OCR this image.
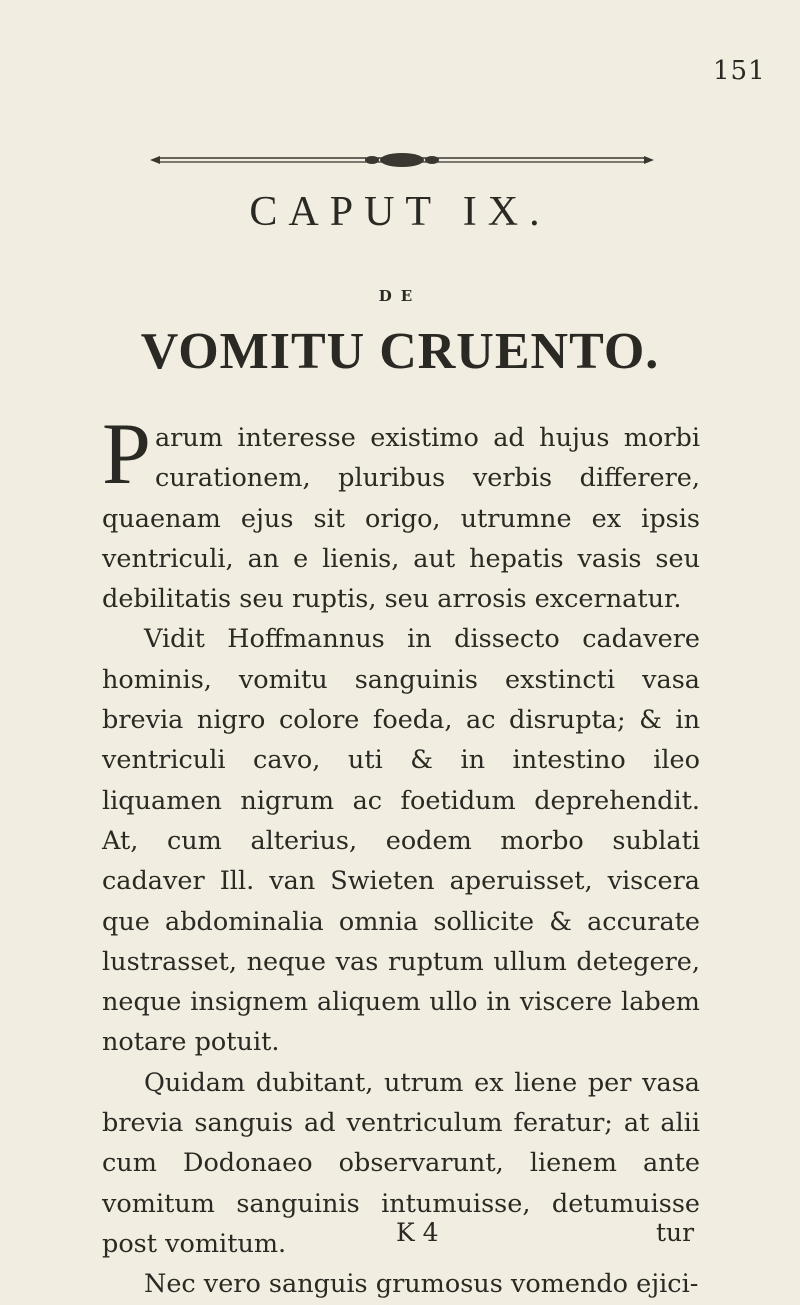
151
CAPUT IX.
DE
VOMITU CRUENTO.

Parum interesse existimo ad hujus morbi curationem, pluribus verbis differere, quaenam ejus sit origo, utrumne ex ipsis ventriculi, an e lienis, aut hepatis vasis seu debilitatis seu ruptis, seu arrosis excernatur.

Vidit Hoffmannus in dissecto cadavere hominis, vomitu sanguinis exstincti vasa brevia nigro colore foeda, ac disrupta; & in ventriculi cavo, uti & in intestino ileo liquamen nigrum ac foetidum deprehendit. At, cum alterius, eodem morbo sublati cadaver Ill. van Swieten aperuisset, viscera que abdominalia omnia sollicite & accurate lustrasset, neque vas ruptum ullum detegere, neque insignem aliquem ullo in viscere labem notare potuit.

Quidam dubitant, utrum ex liene per vasa brevia sanguis ad ventriculum feratur; at alii cum Dodonaeo observarunt, lienem ante vomitum sanguinis intumuisse, detumuisse post vomitum.

Nec vero sanguis grumosus vomendo ejici-

K 4	tur
